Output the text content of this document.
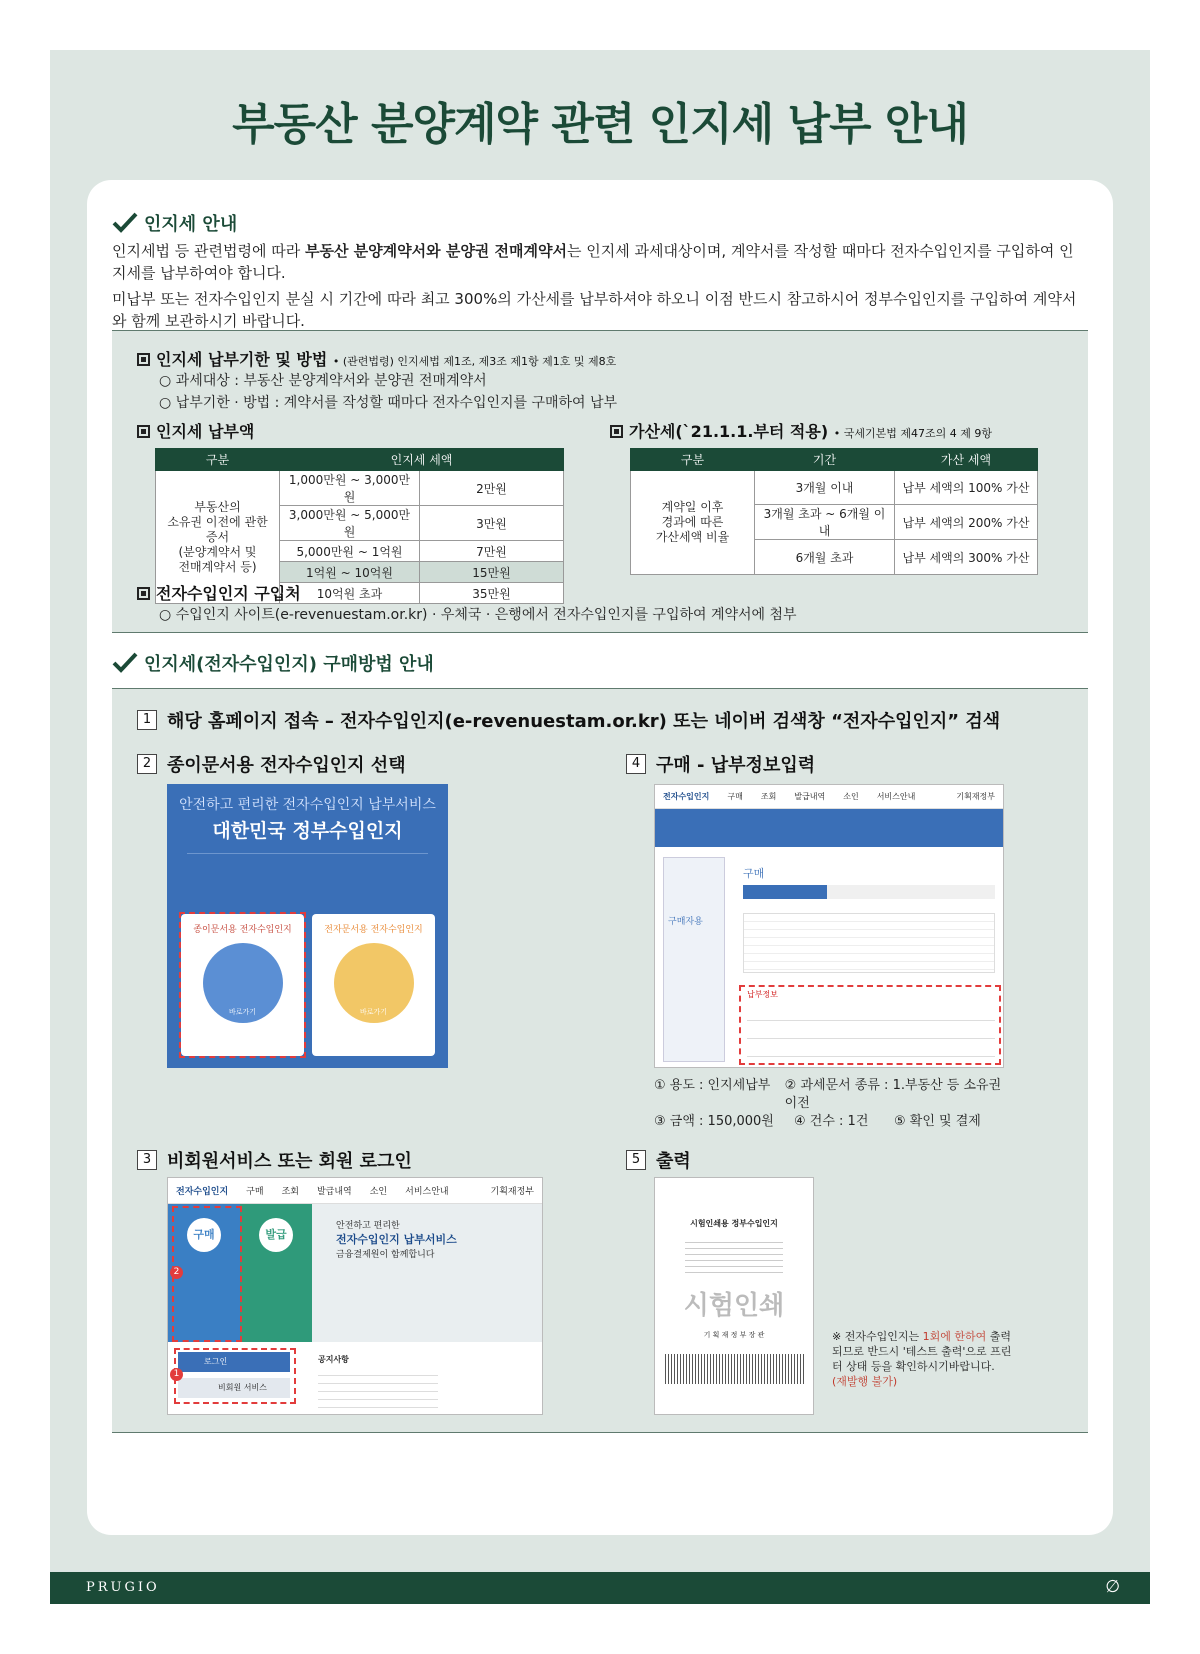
부동산 분양계약 관련 인지세 납부 안내
인지세 안내
인지세법 등 관련법령에 따라 부동산 분양계약서와 분양권 전매계약서는 인지세 과세대상이며, 계약서를 작성할 때마다 전자수입인지를 구입하여 인지세를 납부하여야 합니다.
미납부 또는 전자수입인지 분실 시 기간에 따라 최고 300%의 가산세를 납부하셔야 하오니 이점 반드시 참고하시어 정부수입인지를 구입하여 계약서와 함께 보관하시기 바랍니다.
인지세 납부기한 및 방법 • (관련법령) 인지세법 제1조, 제3조 제1항 제1호 및 제8호
○ 과세대상 : 부동산 분양계약서와 분양권 전매계약서
○ 납부기한 · 방법 : 계약서를 작성할 때마다 전자수입인지를 구매하여 납부
인지세 납부액
구분	인지세 세액	
부동산의
소유권 이전에 관한 증서
(분양계약서 및
전매계약서 등)	1,000만원 ~ 3,000만원	2만원
	3,000만원 ~ 5,000만원	3만원
	5,000만원 ~ 1억원	7만원
	1억원 ~ 10억원	15만원
	10억원 초과	35만원
가산세(`21.1.1.부터 적용) • 국세기본법 제47조의 4 제 9항
구분	기간	가산 세액
계약일 이후
경과에 따른
가산세액 비율	3개월 이내	납부 세액의 100% 가산
	3개월 초과 ~ 6개월 이내	납부 세액의 200% 가산
	6개월 초과	납부 세액의 300% 가산
전자수입인지 구입처
○ 수입인지 사이트(e-revenuestam.or.kr) · 우체국 · 은행에서 전자수입인지를 구입하여 계약서에 첨부
인지세(전자수입인지) 구매방법 안내
1 해당 홈페이지 접속 – 전자수입인지(e-revenuestam.or.kr) 또는 네이버 검색창 “전자수입인지” 검색
2 종이문서용 전자수입인지 선택	4 구매 - 납부정보입력
안전하고 편리한 전자수입인지 납부서비스
대한민국 정부수입인지
종이문서용 전자수입인지
바로가기
전자문서용 전자수입인지
바로가기
전자수입인지 구매 조회 발급내역 소인 서비스안내	기획재정부
구매자용
구매
납부정보
① 용도 : 인지세납부	② 과세문서 종류 : 1.부동산 등 소유권 이전
③ 금액 : 150,000원	④ 건수 : 1건	⑤ 확인 및 결제
3 비회원서비스 또는 회원 로그인	5 출력
전자수입인지 구매 조회 발급내역 소인 서비스안내	기획재정부
구매	발급
안전하고 편리한
전자수입인지 납부서비스
금융결제원이 함께합니다
2
로그인
비회원 서비스
1
공지사항
시험인쇄용 정부수입인지
시험인쇄
기 획 재 정 부 장 관	※ 전자수입인지는 1회에 한하여 출력되므로 반드시 '테스트 출력'으로 프린터 상태 등을 확인하시기바랍니다.
(재발행 불가)
PRUGIO	∅
